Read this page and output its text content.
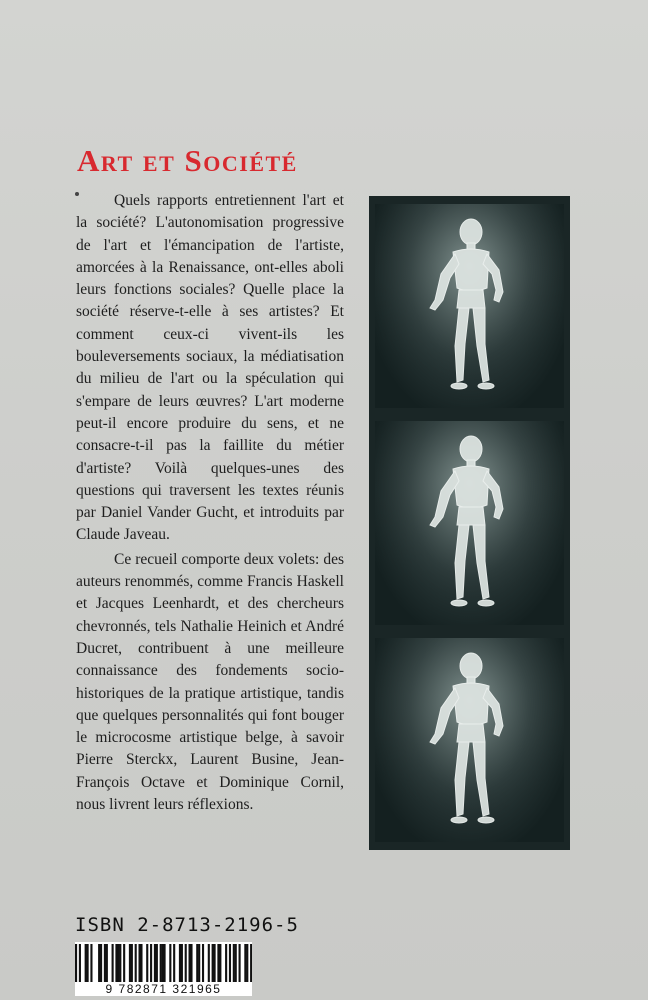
Art et Société

Quels rapports entretiennent l'art et la société? L'autonomisation progressive de l'art et l'émancipation de l'artiste, amorcées à la Renaissance, ont-elles aboli leurs fonctions sociales? Quelle place la société réserve-t-elle à ses artistes? Et comment ceux-ci vivent-ils les bouleversements sociaux, la médiatisation du milieu de l'art ou la spéculation qui s'empare de leurs œuvres? L'art moderne peut-il encore produire du sens, et ne consacre-t-il pas la faillite du métier d'artiste? Voilà quelques-unes des questions qui traversent les textes réunis par Daniel Vander Gucht, et introduits par Claude Javeau.

Ce recueil comporte deux volets: des auteurs renommés, comme Francis Haskell et Jacques Leenhardt, et des chercheurs chevronnés, tels Nathalie Heinich et André Ducret, contribuent à une meilleure connaissance des fondements socio-historiques de la pratique artistique, tandis que quelques personnalités qui font bouger le microcosme artistique belge, à savoir Pierre Sterckx, Laurent Busine, Jean-François Octave et Dominique Cornil, nous livrent leurs réflexions.

ISBN 2-8713-2196-5

9 782871 321965
